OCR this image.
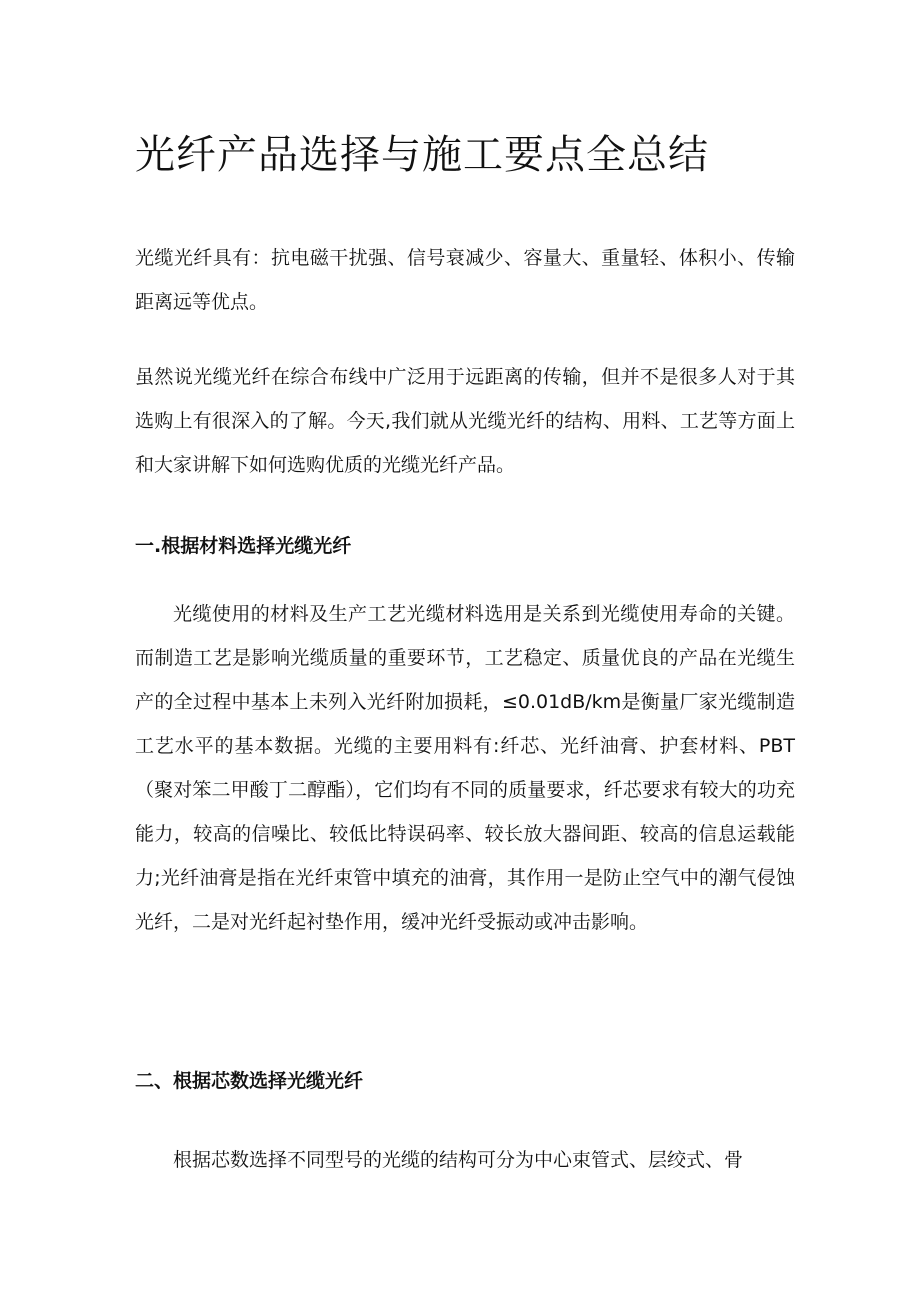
光纤产品选择与施工要点全总结

光缆光纤具有：抗电磁干扰强、信号衰减少、容量大、重量轻、体积小、传输距离远等优点。

虽然说光缆光纤在综合布线中广泛用于远距离的传输，但并不是很多人对于其选购上有很深入的了解。今天,我们就从光缆光纤的结构、用料、工艺等方面上和大家讲解下如何选购优质的光缆光纤产品。

一.根据材料选择光缆光纤

光缆使用的材料及生产工艺光缆材料选用是关系到光缆使用寿命的关键。而制造工艺是影响光缆质量的重要环节，工艺稳定、质量优良的产品在光缆生产的全过程中基本上未列入光纤附加损耗，≤0.01dB/km是衡量厂家光缆制造工艺水平的基本数据。光缆的主要用料有:纤芯、光纤油膏、护套材料、PBT（聚对笨二甲酸丁二醇酯），它们均有不同的质量要求，纤芯要求有较大的功充能力，较高的信噪比、较低比特误码率、较长放大器间距、较高的信息运载能力;光纤油膏是指在光纤束管中填充的油膏，其作用一是防止空气中的潮气侵蚀光纤，二是对光纤起衬垫作用，缓冲光纤受振动或冲击影响。

二、根据芯数选择光缆光纤

根据芯数选择不同型号的光缆的结构可分为中心束管式、层绞式、骨
